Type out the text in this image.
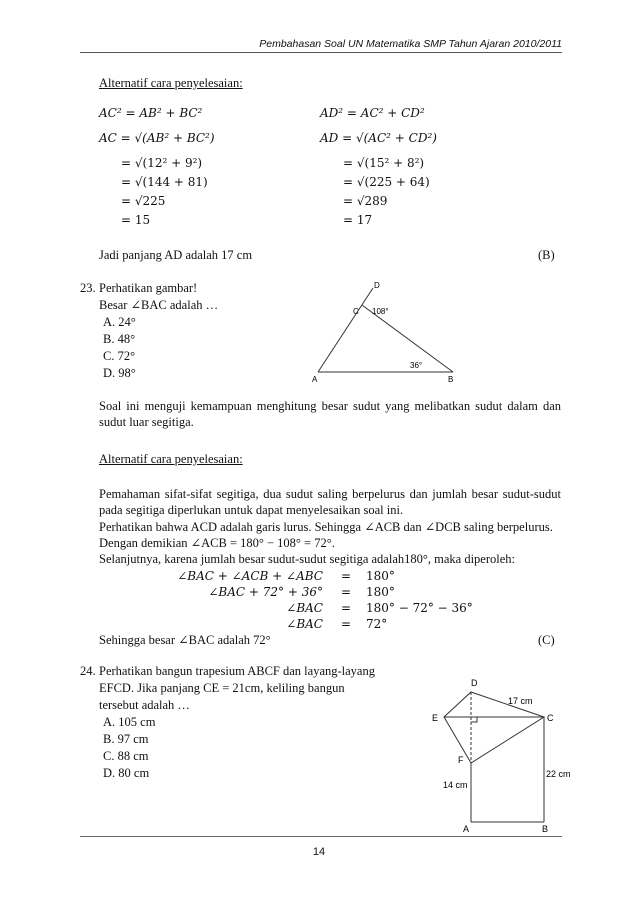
Pembahasan Soal UN Matematika SMP Tahun Ajaran 2010/2011
Alternatif cara penyelesaian:
AC² = AB² + BC²
AC = √(AB² + BC²)
= √(12² + 9²)
= √(144 + 81)
= √225
= 15
AD² = AC² + CD²
AD = √(AC² + CD²)
= √(15² + 8²)
= √(225 + 64)
= √289
= 17
Jadi panjang AD adalah 17 cm	(B)
23. Perhatikan gambar!
Besar ∠BAC adalah …
A. 24°
B. 48°
C. 72°
D. 98°	A	B
C
D
108°
36°
Soal ini menguji kemampuan menghitung besar sudut yang melibatkan sudut dalam dan sudut luar segitiga.
Alternatif cara penyelesaian:
Pemahaman sifat-sifat segitiga, dua sudut saling berpelurus dan jumlah besar sudut-sudut pada segitiga diperlukan untuk dapat menyelesaikan soal ini.
Perhatikan bahwa ACD adalah garis lurus. Sehingga ∠ACB dan ∠DCB saling berpelurus.
Dengan demikian ∠ACB = 180° − 108° = 72°.
Selanjutnya, karena jumlah besar sudut-sudut segitiga adalah180°, maka diperoleh:
∠BAC + ∠ACB + ∠ABC = 180°
∠BAC + 72° + 36° = 180°
∠BAC = 180° − 72° − 36°
∠BAC = 72°
Sehingga besar ∠BAC adalah 72°	(C)
24. Perhatikan bangun trapesium ABCF dan layang-layang
EFCD. Jika panjang CE = 21cm, keliling bangun
tersebut adalah …
A. 105 cm
B. 97 cm
C. 88 cm
D. 80 cm
D
E	C
F
A	B
17 cm
14 cm
22 cm
14
